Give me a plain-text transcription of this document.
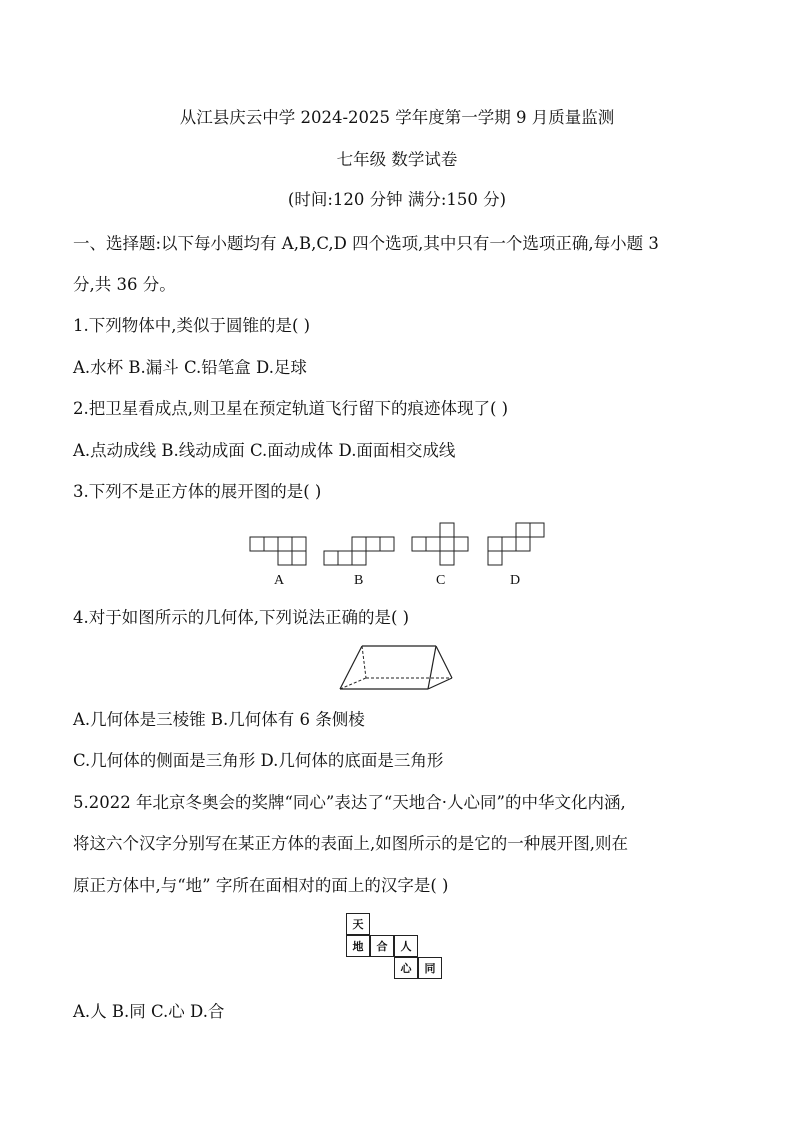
从江县庆云中学 2024-2025 学年度第一学期 9 月质量监测
七年级 数学试卷
(时间:120 分钟 满分:150 分)
一、选择题:以下每小题均有 A,B,C,D 四个选项,其中只有一个选项正确,每小题 3
分,共 36 分。
1.下列物体中,类似于圆锥的是( )
A.水杯 B.漏斗 C.铅笔盒 D.足球
2.把卫星看成点,则卫星在预定轨道飞行留下的痕迹体现了( )
A.点动成线 B.线动成面 C.面动成体 D.面面相交成线
3.下列不是正方体的展开图的是( )
A	B	C	D
4.对于如图所示的几何体,下列说法正确的是( )
A.几何体是三棱锥 B.几何体有 6 条侧棱
C.几何体的侧面是三角形 D.几何体的底面是三角形
5.2022 年北京冬奥会的奖牌“同心”表达了“天地合·人心同”的中华文化内涵,
将这六个汉字分别写在某正方体的表面上,如图所示的是它的一种展开图,则在
原正方体中,与“地” 字所在面相对的面上的汉字是( )
天
地	合	人
心	同
A.人 B.同 C.心 D.合
